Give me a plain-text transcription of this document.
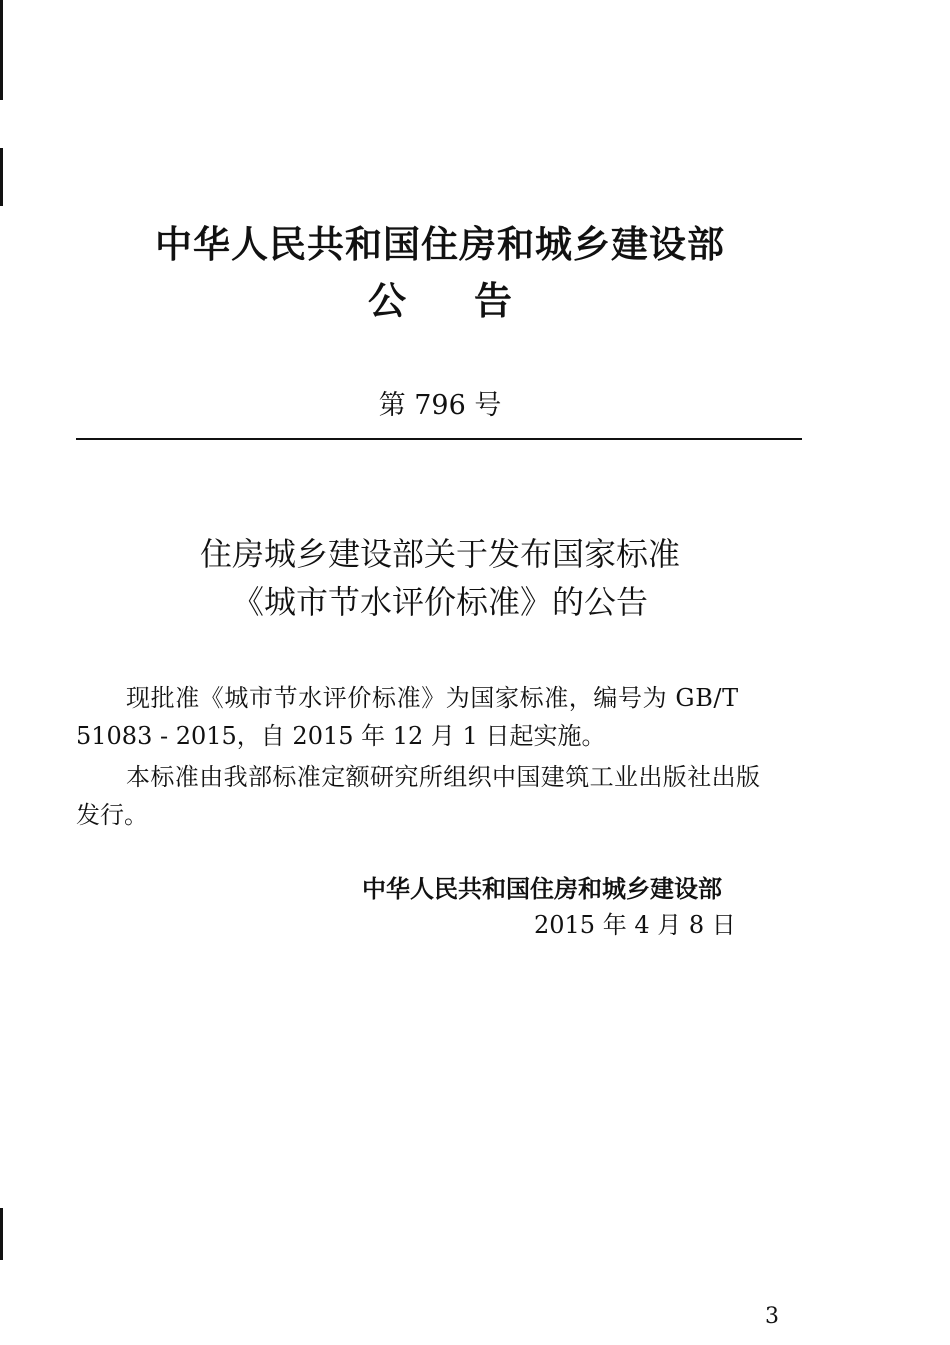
中华人民共和国住房和城乡建设部
公告
第 796 号
住房城乡建设部关于发布国家标准
《城市节水评价标准》的公告
现批准《城市节水评价标准》为国家标准，编号为 GB/T
51083 - 2015，自 2015 年 12 月 1 日起实施。
本标准由我部标准定额研究所组织中国建筑工业出版社出版
发行。
中华人民共和国住房和城乡建设部
2015 年 4 月 8 日
3
